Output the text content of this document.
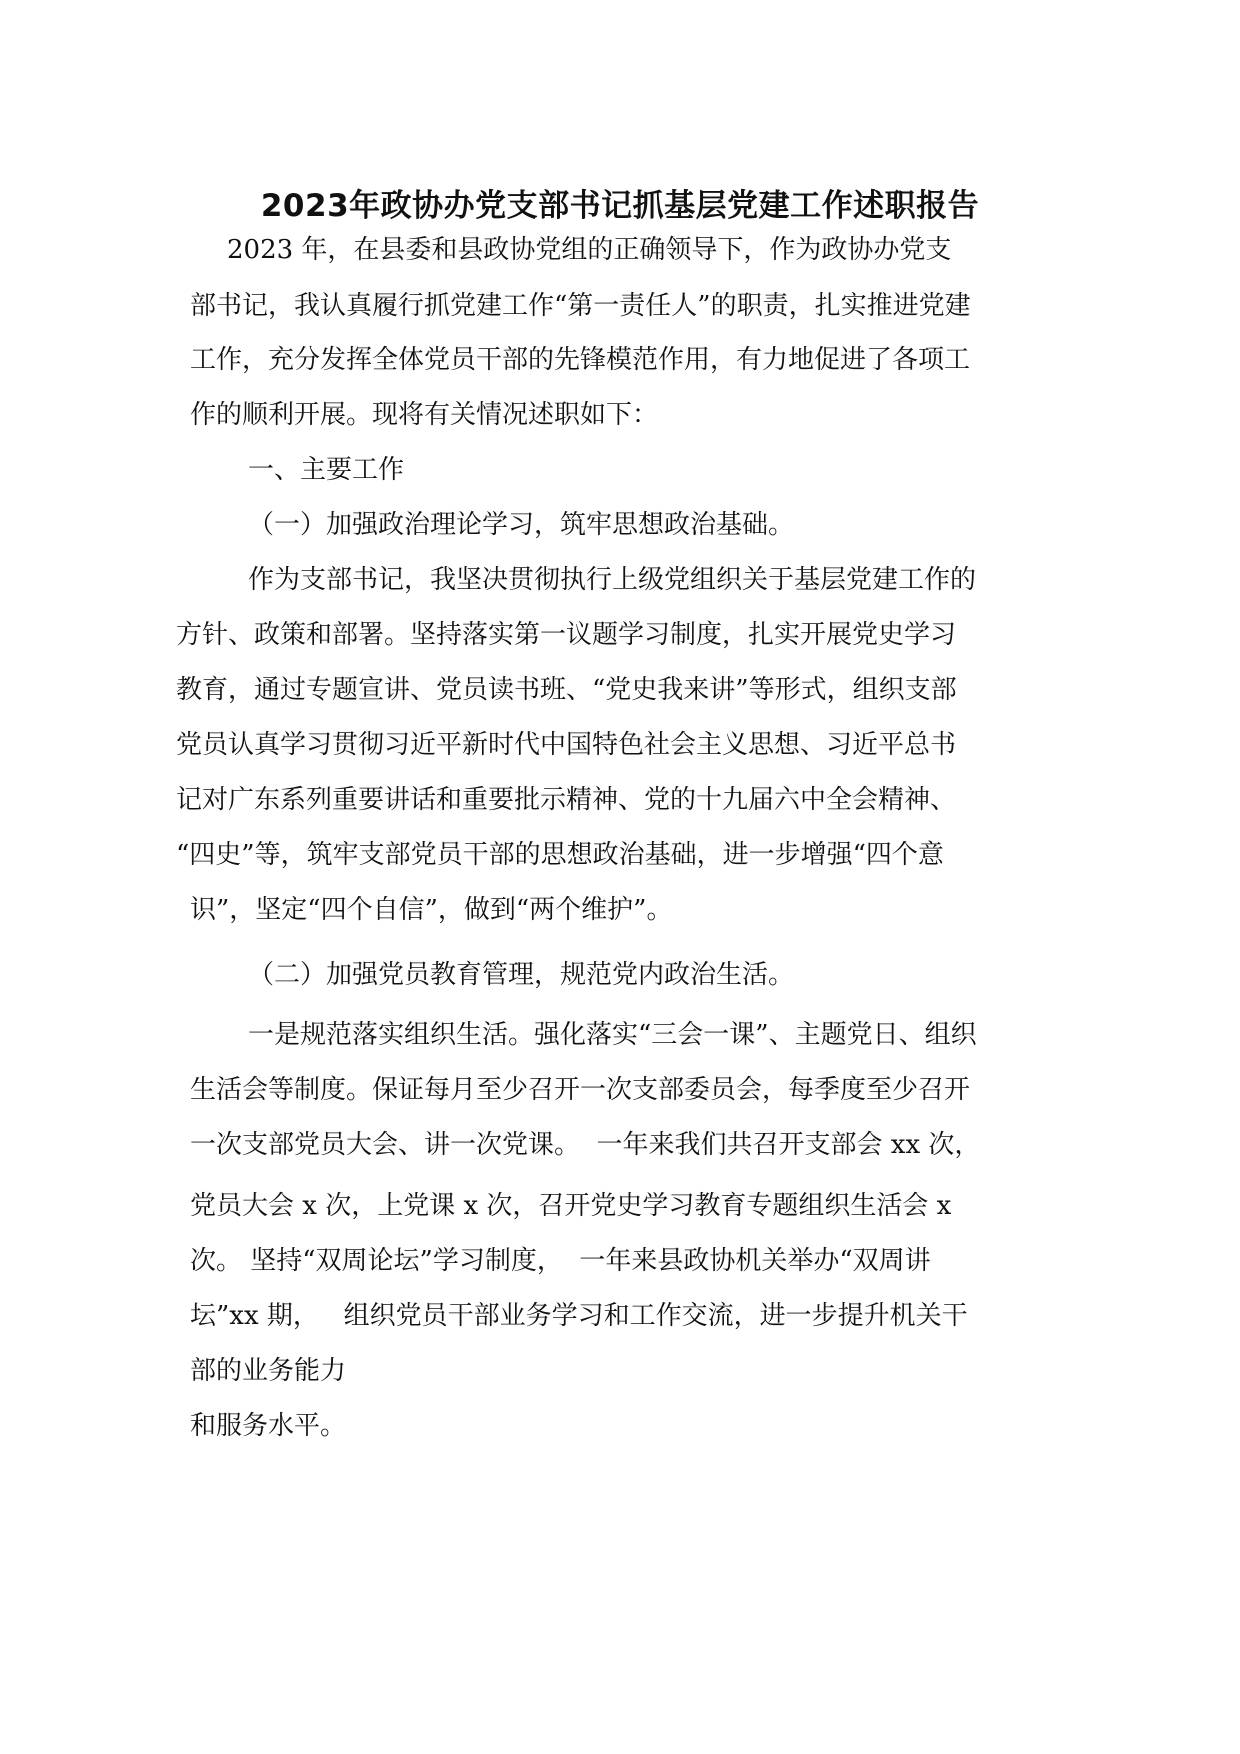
2023年政协办党支部书记抓基层党建工作述职报告

2023 年，在县委和县政协党组的正确领导下，作为政协办党支

部书记，我认真履行抓党建工作“第一责任人”的职责，扎实推进党建

工作，充分发挥全体党员干部的先锋模范作用，有力地促进了各项工

作的顺利开展。现将有关情况述职如下：

一、主要工作

（一）加强政治理论学习，筑牢思想政治基础。

作为支部书记，我坚决贯彻执行上级党组织关于基层党建工作的

方针、政策和部署。坚持落实第一议题学习制度，扎实开展党史学习

教育，通过专题宣讲、党员读书班、“党史我来讲”等形式，组织支部

党员认真学习贯彻习近平新时代中国特色社会主义思想、习近平总书

记对广东系列重要讲话和重要批示精神、党的十九届六中全会精神、

“四史”等，筑牢支部党员干部的思想政治基础，进一步增强“四个意

识”，坚定“四个自信”，做到“两个维护”。

（二）加强党员教育管理，规范党内政治生活。

一是规范落实组织生活。强化落实“三会一课”、主题党日、组织

生活会等制度。保证每月至少召开一次支部委员会，每季度至少召开

一次支部党员大会、讲一次党课。  一年来我们共召开支部会 xx 次，

党员大会 x 次，上党课 x 次，召开党史学习教育专题组织生活会 x

次。 坚持“双周论坛”学习制度，  一年来县政协机关举办“双周讲

坛”xx 期，   组织党员干部业务学习和工作交流，进一步提升机关干

部的业务能力

和服务水平。
